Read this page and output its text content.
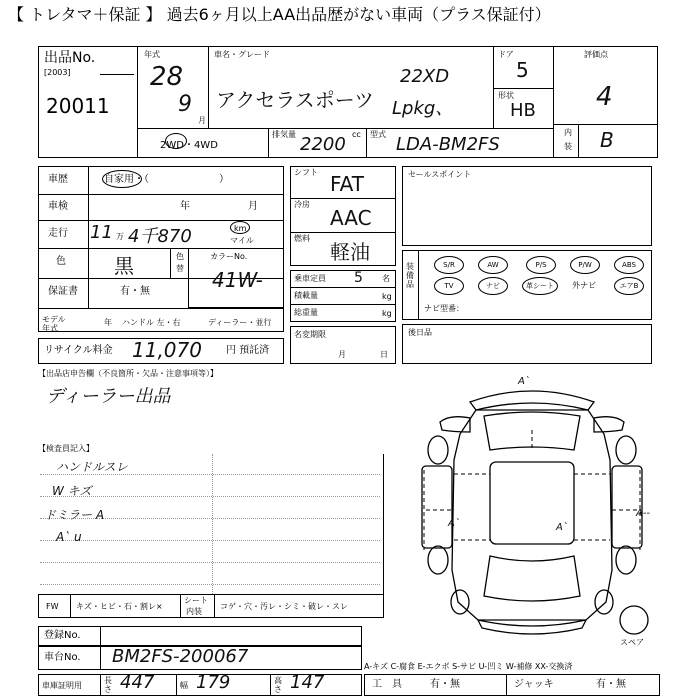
【 トレタマ＋保証 】 過去6ヶ月以上AA出品歴がない車両（プラス保証付）
出品No.
[2003]
20011
年式
28
9
月
車名・グレード
アクセラスポーツ
22XD
Lpkg、
ドア
5
形状
HB
2WD・4WD
排気量 2200 cc 型式 LDA-BM2FS
評価点
4
内
装 B
車歴	自家用・（　　　　　　　）
車検	年	月
走行 11 万 4千870	km
マイル
色 黒	色
替
保証書	有・無
モデル年式
年 ハンドル 左・右	ディーラー・並行
カラーNo.
41W-
リサイクル料金 11,070 円 預託済
シフト FAT
冷房
AAC
燃料
軽油
乗車定員 5 名
積載量	kg
総重量	kg
名変期限
月	日
セールスポイント
装備品
S/R	AW	P/S	P/W	ABS
TV	ナビ	革シート	外ナビ	エアB
ナビ型番：
後日品
【出品店申告欄（不良箇所・欠品・注意事項等）】
ディーラー出品
【検査員記入】
ハンドルスレ
W キズ
ドミラー A
A` u
FW キズ・ヒビ・石・割レ×
シート
内装
コゲ・穴・汚レ・シミ・破レ・スレ
登録No.
車台No. BM2FS-200067
車庫証明用
長さ 447	幅 179	高さ 147	工具 有・無	ジャッキ	有・無
A-キズ C-腐食 E-エクボ S-サビ U-凹ミ W-補修 XX-交換済
A`
A`	A`
A--
スペア
